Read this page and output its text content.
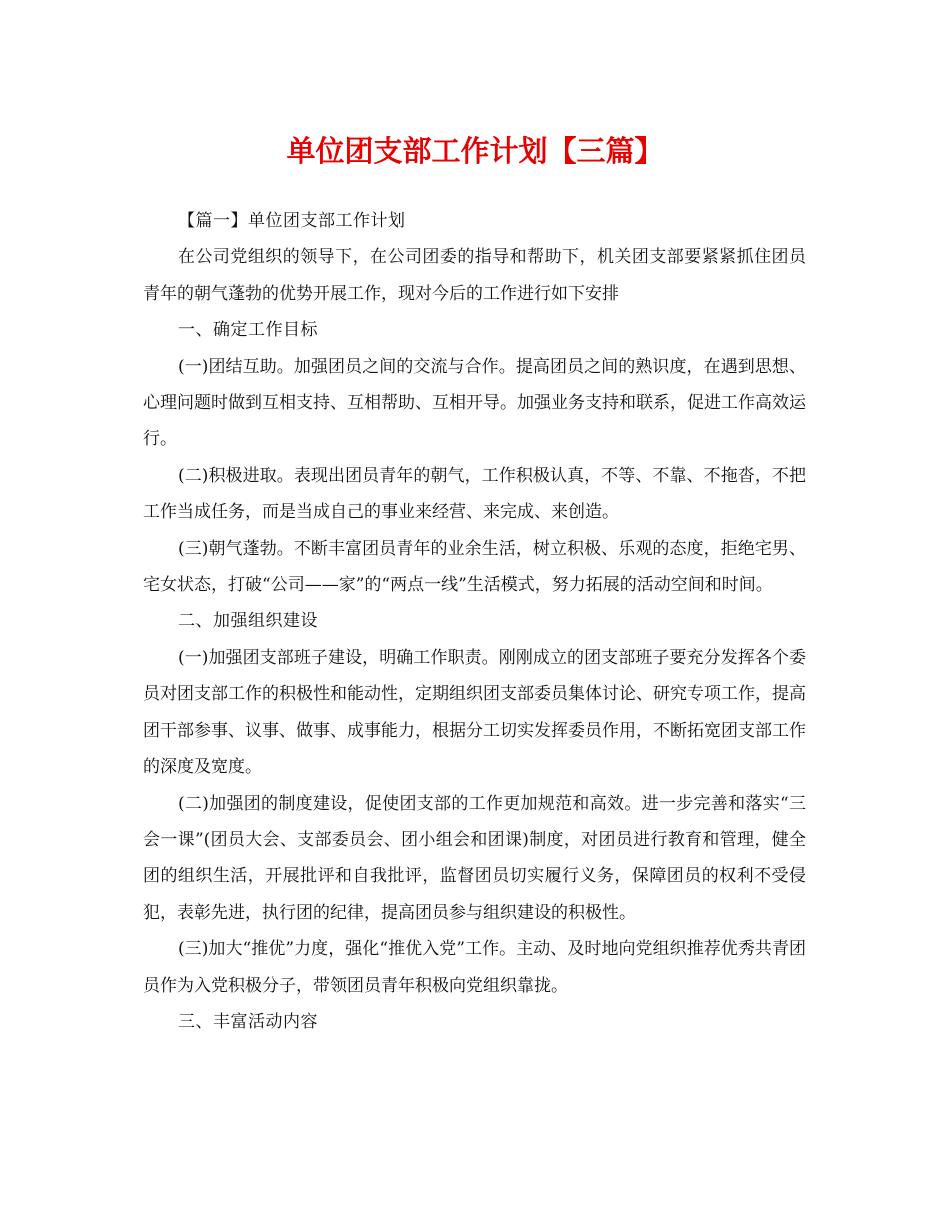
单位团支部工作计划【三篇】

【篇一】单位团支部工作计划

在公司党组织的领导下，在公司团委的指导和帮助下，机关团支部要紧紧抓住团员青年的朝气蓬勃的优势开展工作，现对今后的工作进行如下安排

一、确定工作目标

(一)团结互助。加强团员之间的交流与合作。提高团员之间的熟识度，在遇到思想、心理问题时做到互相支持、互相帮助、互相开导。加强业务支持和联系，促进工作高效运行。

(二)积极进取。表现出团员青年的朝气，工作积极认真，不等、不靠、不拖沓，不把工作当成任务，而是当成自己的事业来经营、来完成、来创造。

(三)朝气蓬勃。不断丰富团员青年的业余生活，树立积极、乐观的态度，拒绝宅男、宅女状态，打破“公司——家”的“两点一线”生活模式，努力拓展的活动空间和时间。

二、加强组织建设

(一)加强团支部班子建设，明确工作职责。刚刚成立的团支部班子要充分发挥各个委员对团支部工作的积极性和能动性，定期组织团支部委员集体讨论、研究专项工作，提高团干部参事、议事、做事、成事能力，根据分工切实发挥委员作用，不断拓宽团支部工作的深度及宽度。

(二)加强团的制度建设，促使团支部的工作更加规范和高效。进一步完善和落实“三会一课”(团员大会、支部委员会、团小组会和团课)制度，对团员进行教育和管理，健全团的组织生活，开展批评和自我批评，监督团员切实履行义务，保障团员的权利不受侵犯，表彰先进，执行团的纪律，提高团员参与组织建设的积极性。

(三)加大“推优”力度，强化“推优入党”工作。主动、及时地向党组织推荐优秀共青团员作为入党积极分子，带领团员青年积极向党组织靠拢。

三、丰富活动内容
